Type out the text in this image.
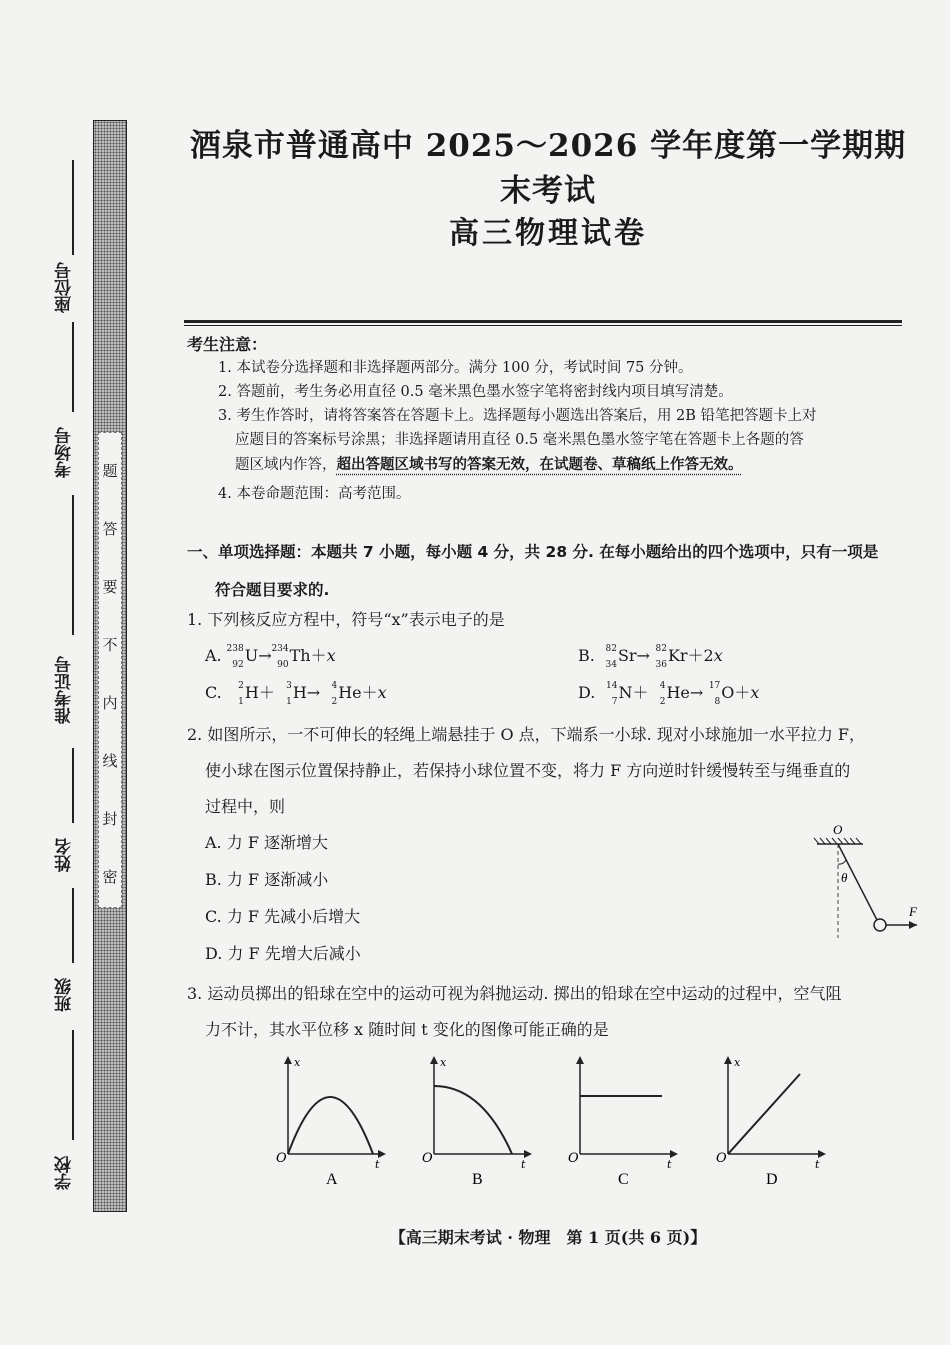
座位号
考场号
准考证号
姓名
班级
学校
题
答
要
不
内
线
封
密
酒泉市普通高中 2025～2026 学年度第一学期期末考试
高三物理试卷
考生注意：
1. 本试卷分选择题和非选择题两部分。满分 100 分，考试时间 75 分钟。
2. 答题前，考生务必用直径 0.5 毫米黑色墨水签字笔将密封线内项目填写清楚。
3. 考生作答时，请将答案答在答题卡上。选择题每小题选出答案后，用 2B 铅笔把答题卡上对
应题目的答案标号涂黑；非选择题请用直径 0.5 毫米黑色墨水签字笔在答题卡上各题的答
题区域内作答，超出答题区域书写的答案无效，在试题卷、草稿纸上作答无效。
4. 本卷命题范围：高考范围。
一、单项选择题：本题共 7 小题，每小题 4 分，共 28 分. 在每小题给出的四个选项中，只有一项是
符合题目要求的.
1. 下列核反应方程中，符号“x”表示电子的是
A. 238
92 U→ 234
90 Th＋x	B. 82
34 Sr→ 82
36 Kr＋2x
C. 2
1 H＋ 3
1 H→ 4
2 He＋x	D. 14
7 N＋ 4
2 He→ 17
8 O＋x
2. 如图所示，一不可伸长的轻绳上端悬挂于 O 点，下端系一小球. 现对小球施加一水平拉力 F，
使小球在图示位置保持静止，若保持小球位置不变，将力 F 方向逆时针缓慢转至与绳垂直的
过程中，则
A. 力 F 逐渐增大
B. 力 F 逐渐减小
C. 力 F 先减小后增大
D. 力 F 先增大后减小
O
θ
F
3. 运动员掷出的铅球在空中的运动可视为斜抛运动. 掷出的铅球在空中运动的过程中，空气阻
力不计，其水平位移 x 随时间 t 变化的图像可能正确的是
x
t
O
A
x
t
O
B
t
O
C
x
t
O
D
【高三期末考试 · 物理　第 1 页(共 6 页)】
